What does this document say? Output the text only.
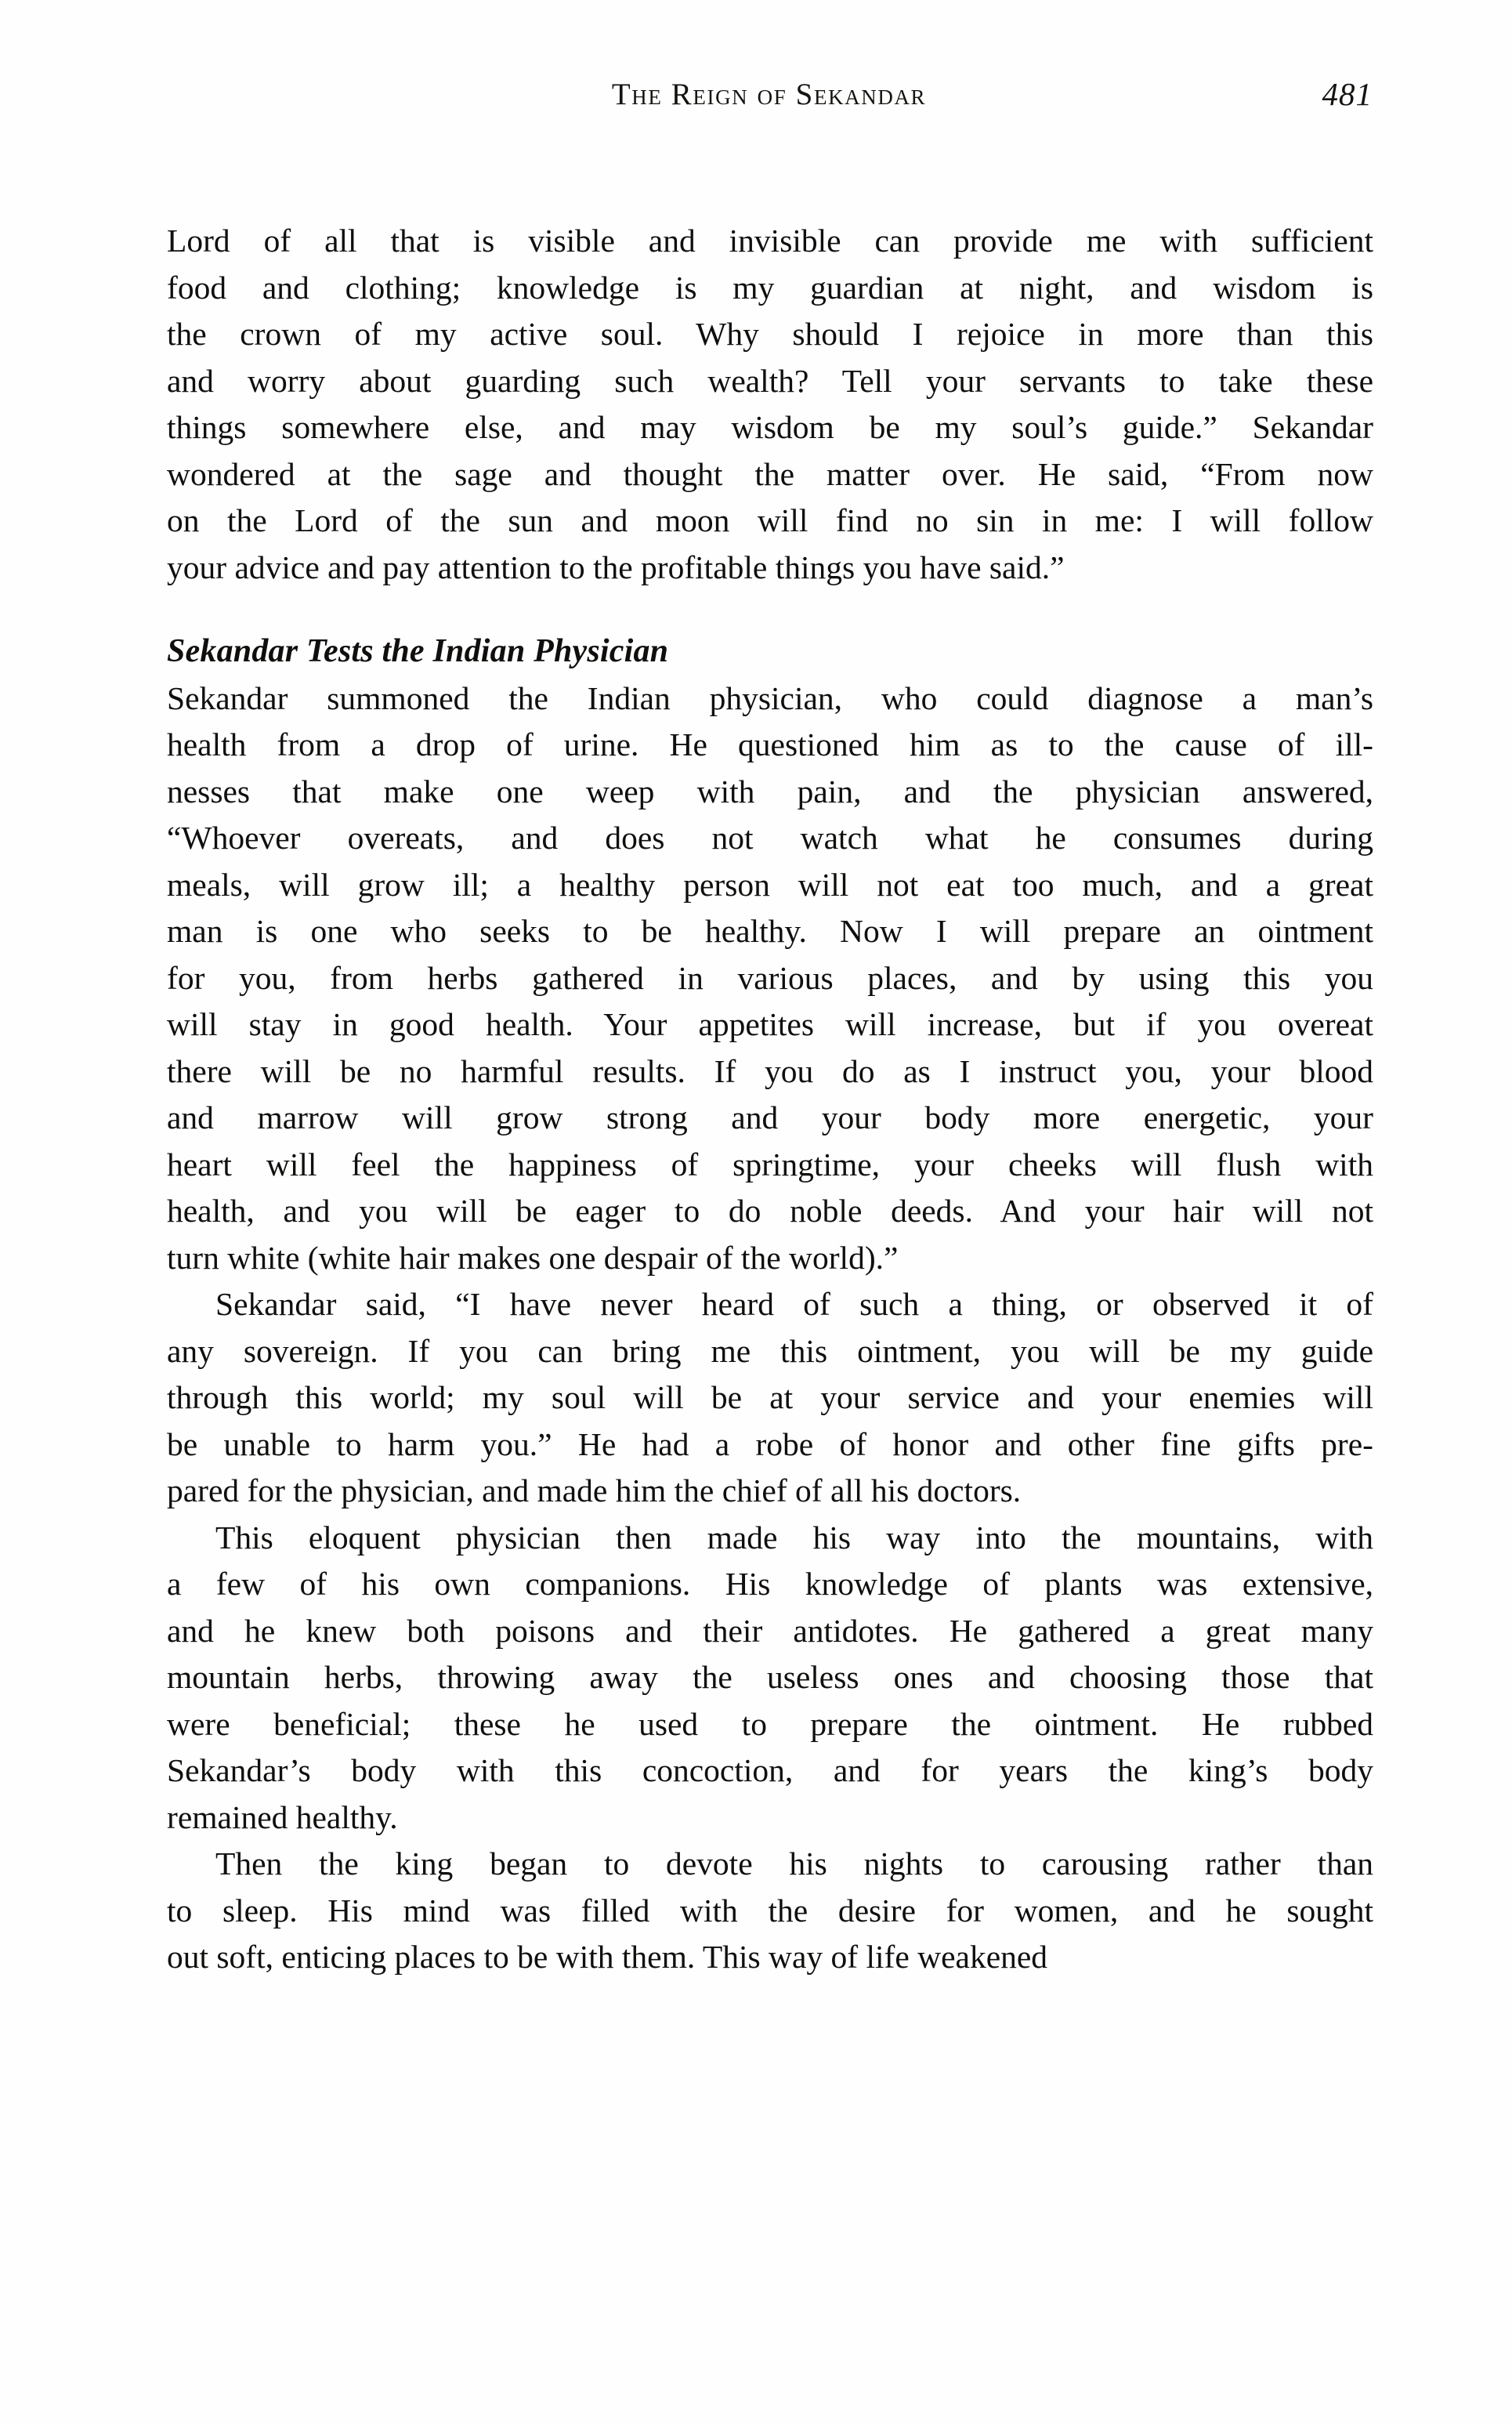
The Reign of Sekandar	481
Lord of all that is visible and invisible can provide me with sufficient
food and clothing; knowledge is my guardian at night, and wisdom is
the crown of my active soul. Why should I rejoice in more than this
and worry about guarding such wealth? Tell your servants to take these
things somewhere else, and may wisdom be my soul’s guide.” Sekandar
wondered at the sage and thought the matter over. He said, “From now
on the Lord of the sun and moon will find no sin in me: I will follow
your advice and pay attention to the profitable things you have said.”
Sekandar Tests the Indian Physician
Sekandar summoned the Indian physician, who could diagnose a man’s
health from a drop of urine. He questioned him as to the cause of ill-
nesses that make one weep with pain, and the physician answered,
“Whoever overeats, and does not watch what he consumes during
meals, will grow ill; a healthy person will not eat too much, and a great
man is one who seeks to be healthy. Now I will prepare an ointment
for you, from herbs gathered in various places, and by using this you
will stay in good health. Your appetites will increase, but if you overeat
there will be no harmful results. If you do as I instruct you, your blood
and marrow will grow strong and your body more energetic, your
heart will feel the happiness of springtime, your cheeks will flush with
health, and you will be eager to do noble deeds. And your hair will not
turn white (white hair makes one despair of the world).”
Sekandar said, “I have never heard of such a thing, or observed it of
any sovereign. If you can bring me this ointment, you will be my guide
through this world; my soul will be at your service and your enemies will
be unable to harm you.” He had a robe of honor and other fine gifts pre-
pared for the physician, and made him the chief of all his doctors.
This eloquent physician then made his way into the mountains, with
a few of his own companions. His knowledge of plants was extensive,
and he knew both poisons and their antidotes. He gathered a great many
mountain herbs, throwing away the useless ones and choosing those that
were beneficial; these he used to prepare the ointment. He rubbed
Sekandar’s body with this concoction, and for years the king’s body
remained healthy.
Then the king began to devote his nights to carousing rather than
to sleep. His mind was filled with the desire for women, and he sought
out soft, enticing places to be with them. This way of life weakened
